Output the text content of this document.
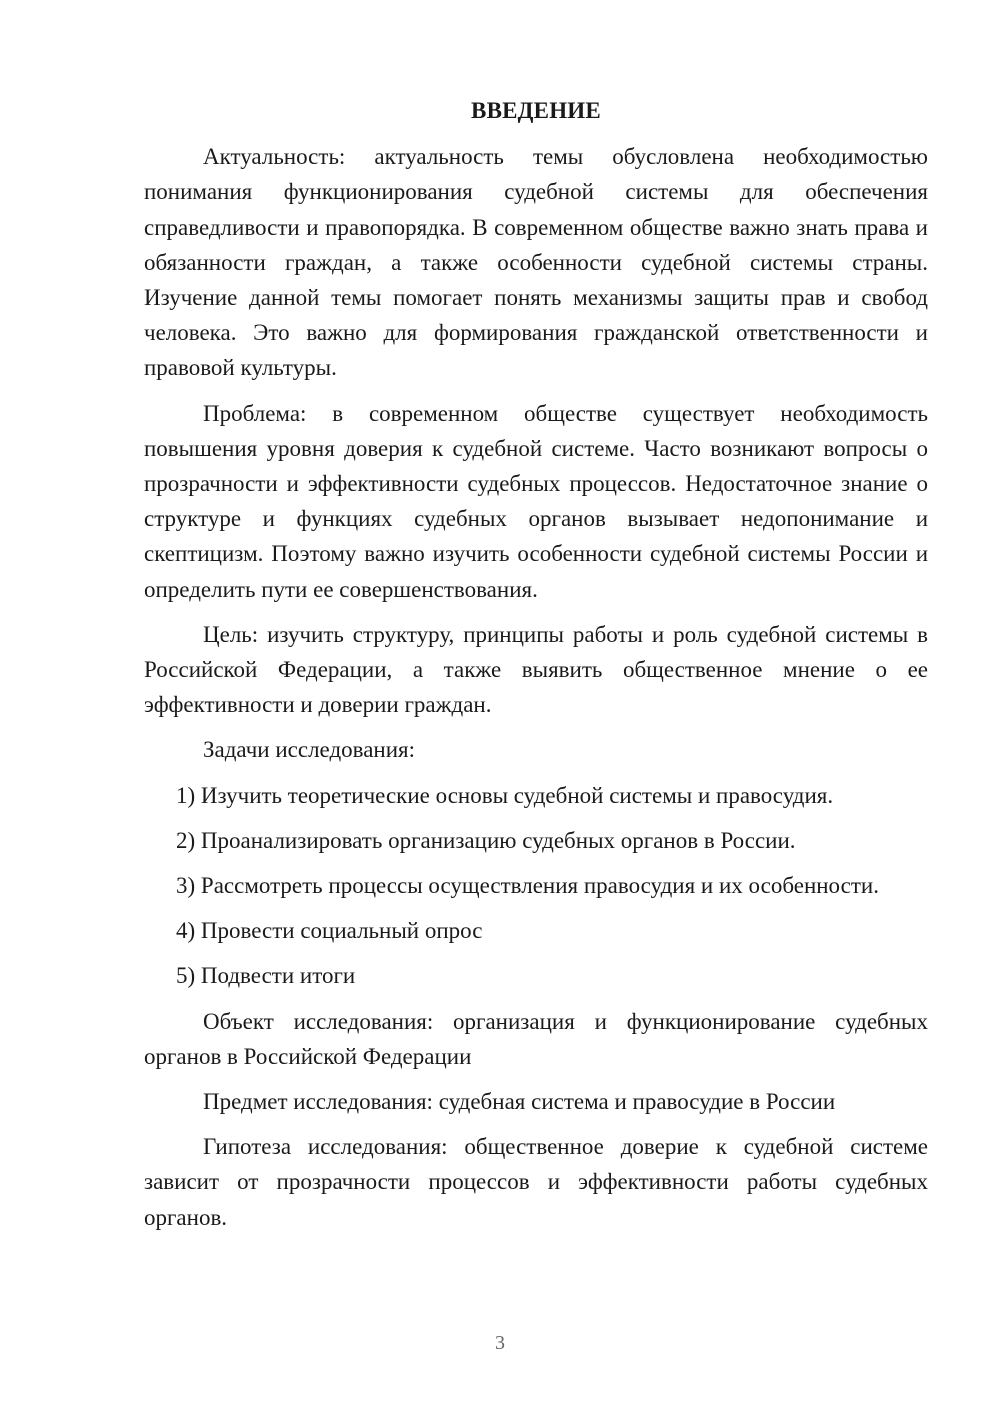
ВВЕДЕНИЕ

Актуальность: актуальность темы обусловлена необходимостью понимания функционирования судебной системы для обеспечения справедливости и правопорядка. В современном обществе важно знать права и обязанности граждан, а также особенности судебной системы страны. Изучение данной темы помогает понять механизмы защиты прав и свобод человека. Это важно для формирования гражданской ответственности и правовой культуры.

Проблема: в современном обществе существует необходимость повышения уровня доверия к судебной системе. Часто возникают вопросы о прозрачности и эффективности судебных процессов. Недостаточное знание о структуре и функциях судебных органов вызывает недопонимание и скептицизм. Поэтому важно изучить особенности судебной системы России и определить пути ее совершенствования.

Цель: изучить структуру, принципы работы и роль судебной системы в Российской Федерации, а также выявить общественное мнение о ее эффективности и доверии граждан.

Задачи исследования:

1) Изучить теоретические основы судебной системы и правосудия.
2) Проанализировать организацию судебных органов в России.
3) Рассмотреть процессы осуществления правосудия и их особенности.
4) Провести социальный опрос
5) Подвести итоги

Объект исследования: организация и функционирование судебных органов в Российской Федерации

Предмет исследования: судебная система и правосудие в России

Гипотеза исследования: общественное доверие к судебной системе зависит от прозрачности процессов и эффективности работы судебных органов.

3
